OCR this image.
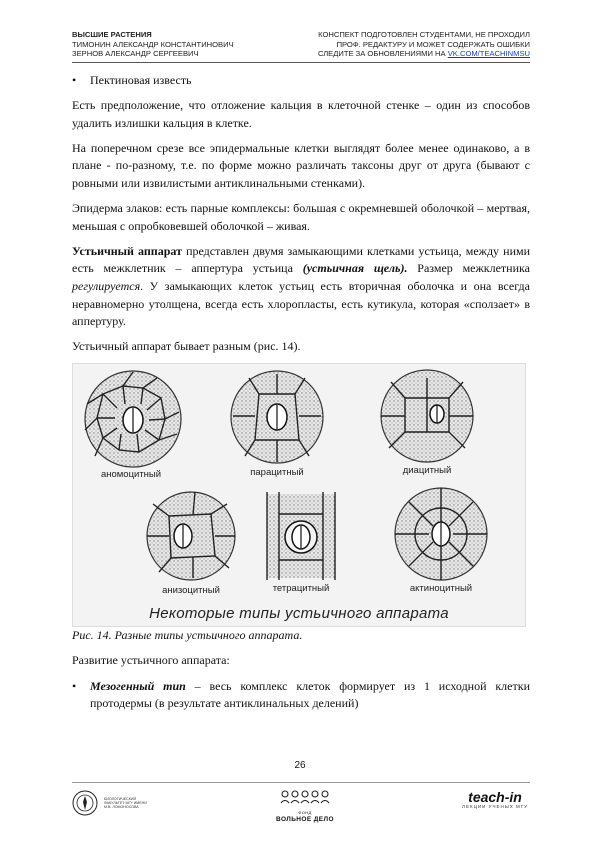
ВЫСШИЕ РАСТЕНИЯ
ТИМОНИН АЛЕКСАНДР КОНСТАНТИНОВИЧ
ЗЕРНОВ АЛЕКСАНДР СЕРГЕЕВИЧ
КОНСПЕКТ ПОДГОТОВЛЕН СТУДЕНТАМИ, НЕ ПРОХОДИЛ
ПРОФ. РЕДАКТУРУ И МОЖЕТ СОДЕРЖАТЬ ОШИБКИ
СЛЕДИТЕ ЗА ОБНОВЛЕНИЯМИ НА VK.COM/TEACHINMSU

• Пектиновая известь

Есть предположение, что отложение кальция в клеточной стенке – один из способов удалить излишки кальция в клетке.

На поперечном срезе все эпидермальные клетки выглядят более менее одинаково, а в плане - по-разному, т.е. по форме можно различать таксоны друг от друга (бывают с ровными или извилистыми антиклинальными стенками).

Эпидерма злаков: есть парные комплексы: большая с окремневшей оболочкой – мертвая, меньшая с опробковевшей оболочкой – живая.

Устьичный аппарат представлен двумя замыкающими клетками устьица, между ними есть межклетник – аппертура устьица (устьичная щель). Размер межклетника регулируется. У замыкающих клеток устьиц есть вторичная оболочка и она всегда неравномерно утолщена, всегда есть хлоропласты, есть кутикула, которая «сползает» в аппертуру.

Устьичный аппарат бывает разным (рис. 14).

аномоцитный	парацитный	диацитный
анизоцитный	тетрацитный	актиноцитный
Некоторые типы устьичного аппарата

Рис. 14. Разные типы устьичного аппарата.

Развитие устьичного аппарата:

• Мезогенный тип – весь комплекс клеток формирует из 1 исходной клетки протодермы (в результате антиклинальных делений)

26
БИОЛОГИЧЕСКИЙ ФАКУЛЬТЕТ МГУ ИМЕНИ М.В. ЛОМОНОСОВА
ФОНД
ВОЛЬНОЕ ДЕЛО
teach-in
ЛЕКЦИИ УЧЕНЫХ МГУ
